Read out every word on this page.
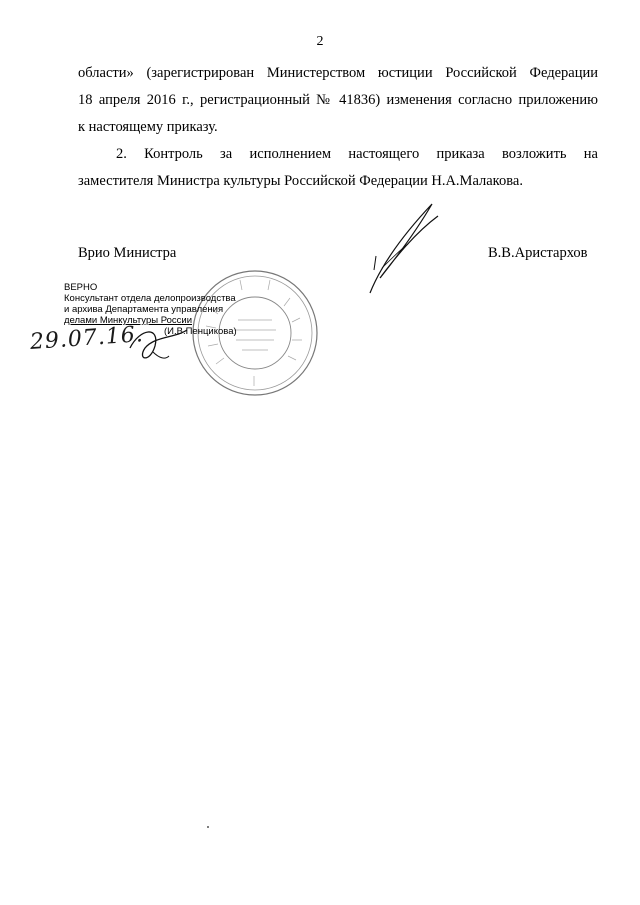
2
области» (зарегистрирован Министерством юстиции Российской Федерации
18 апреля 2016 г., регистрационный № 41836) изменения согласно приложению
к настоящему приказу.
2. Контроль за исполнением настоящего приказа возложить на
заместителя Министра культуры Российской Федерации Н.А.Малакова.
Врио Министра	В.В.Аристархов
ВЕРНО
Консультант отдела делопроизводства
и архива Департамента управления
делами Минкультуры России
(И.В.Пенцикова)
29.07.16.
